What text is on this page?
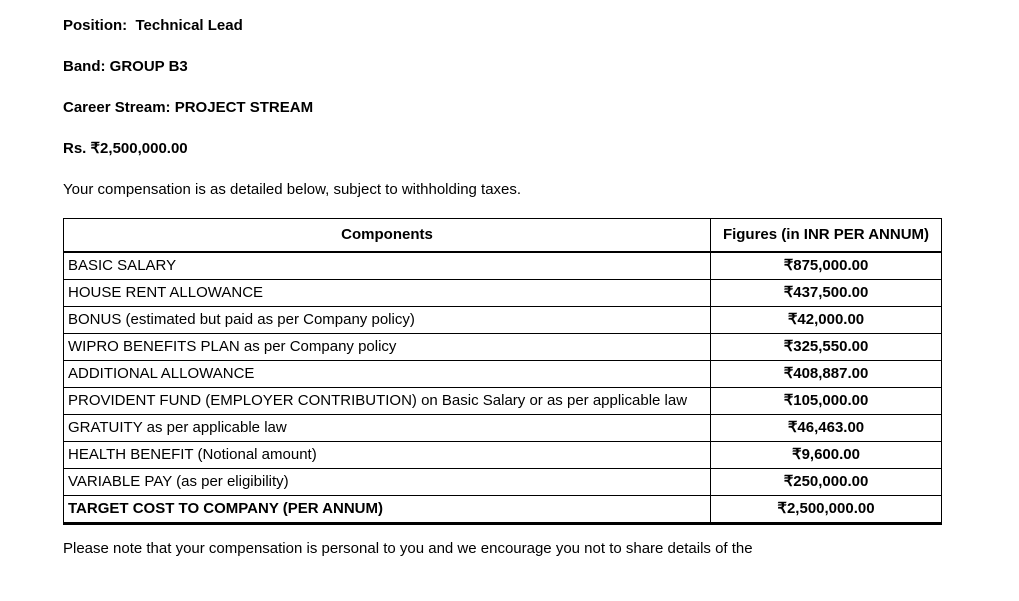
Position:  Technical Lead

Band: GROUP B3

Career Stream: PROJECT STREAM

Rs. ₹2,500,000.00

Your compensation is as detailed below, subject to withholding taxes.

Components	Figures (in INR PER ANNUM)
BASIC SALARY	₹875,000.00
HOUSE RENT ALLOWANCE	₹437,500.00
BONUS (estimated but paid as per Company policy)	₹42,000.00
WIPRO BENEFITS PLAN as per Company policy	₹325,550.00
ADDITIONAL ALLOWANCE	₹408,887.00
PROVIDENT FUND (EMPLOYER CONTRIBUTION) on Basic Salary or as per applicable law	₹105,000.00
GRATUITY as per applicable law	₹46,463.00
HEALTH BENEFIT (Notional amount)	₹9,600.00
VARIABLE PAY (as per eligibility)	₹250,000.00
TARGET COST TO COMPANY (PER ANNUM)	₹2,500,000.00

Please note that your compensation is personal to you and we encourage you not to share details of the
